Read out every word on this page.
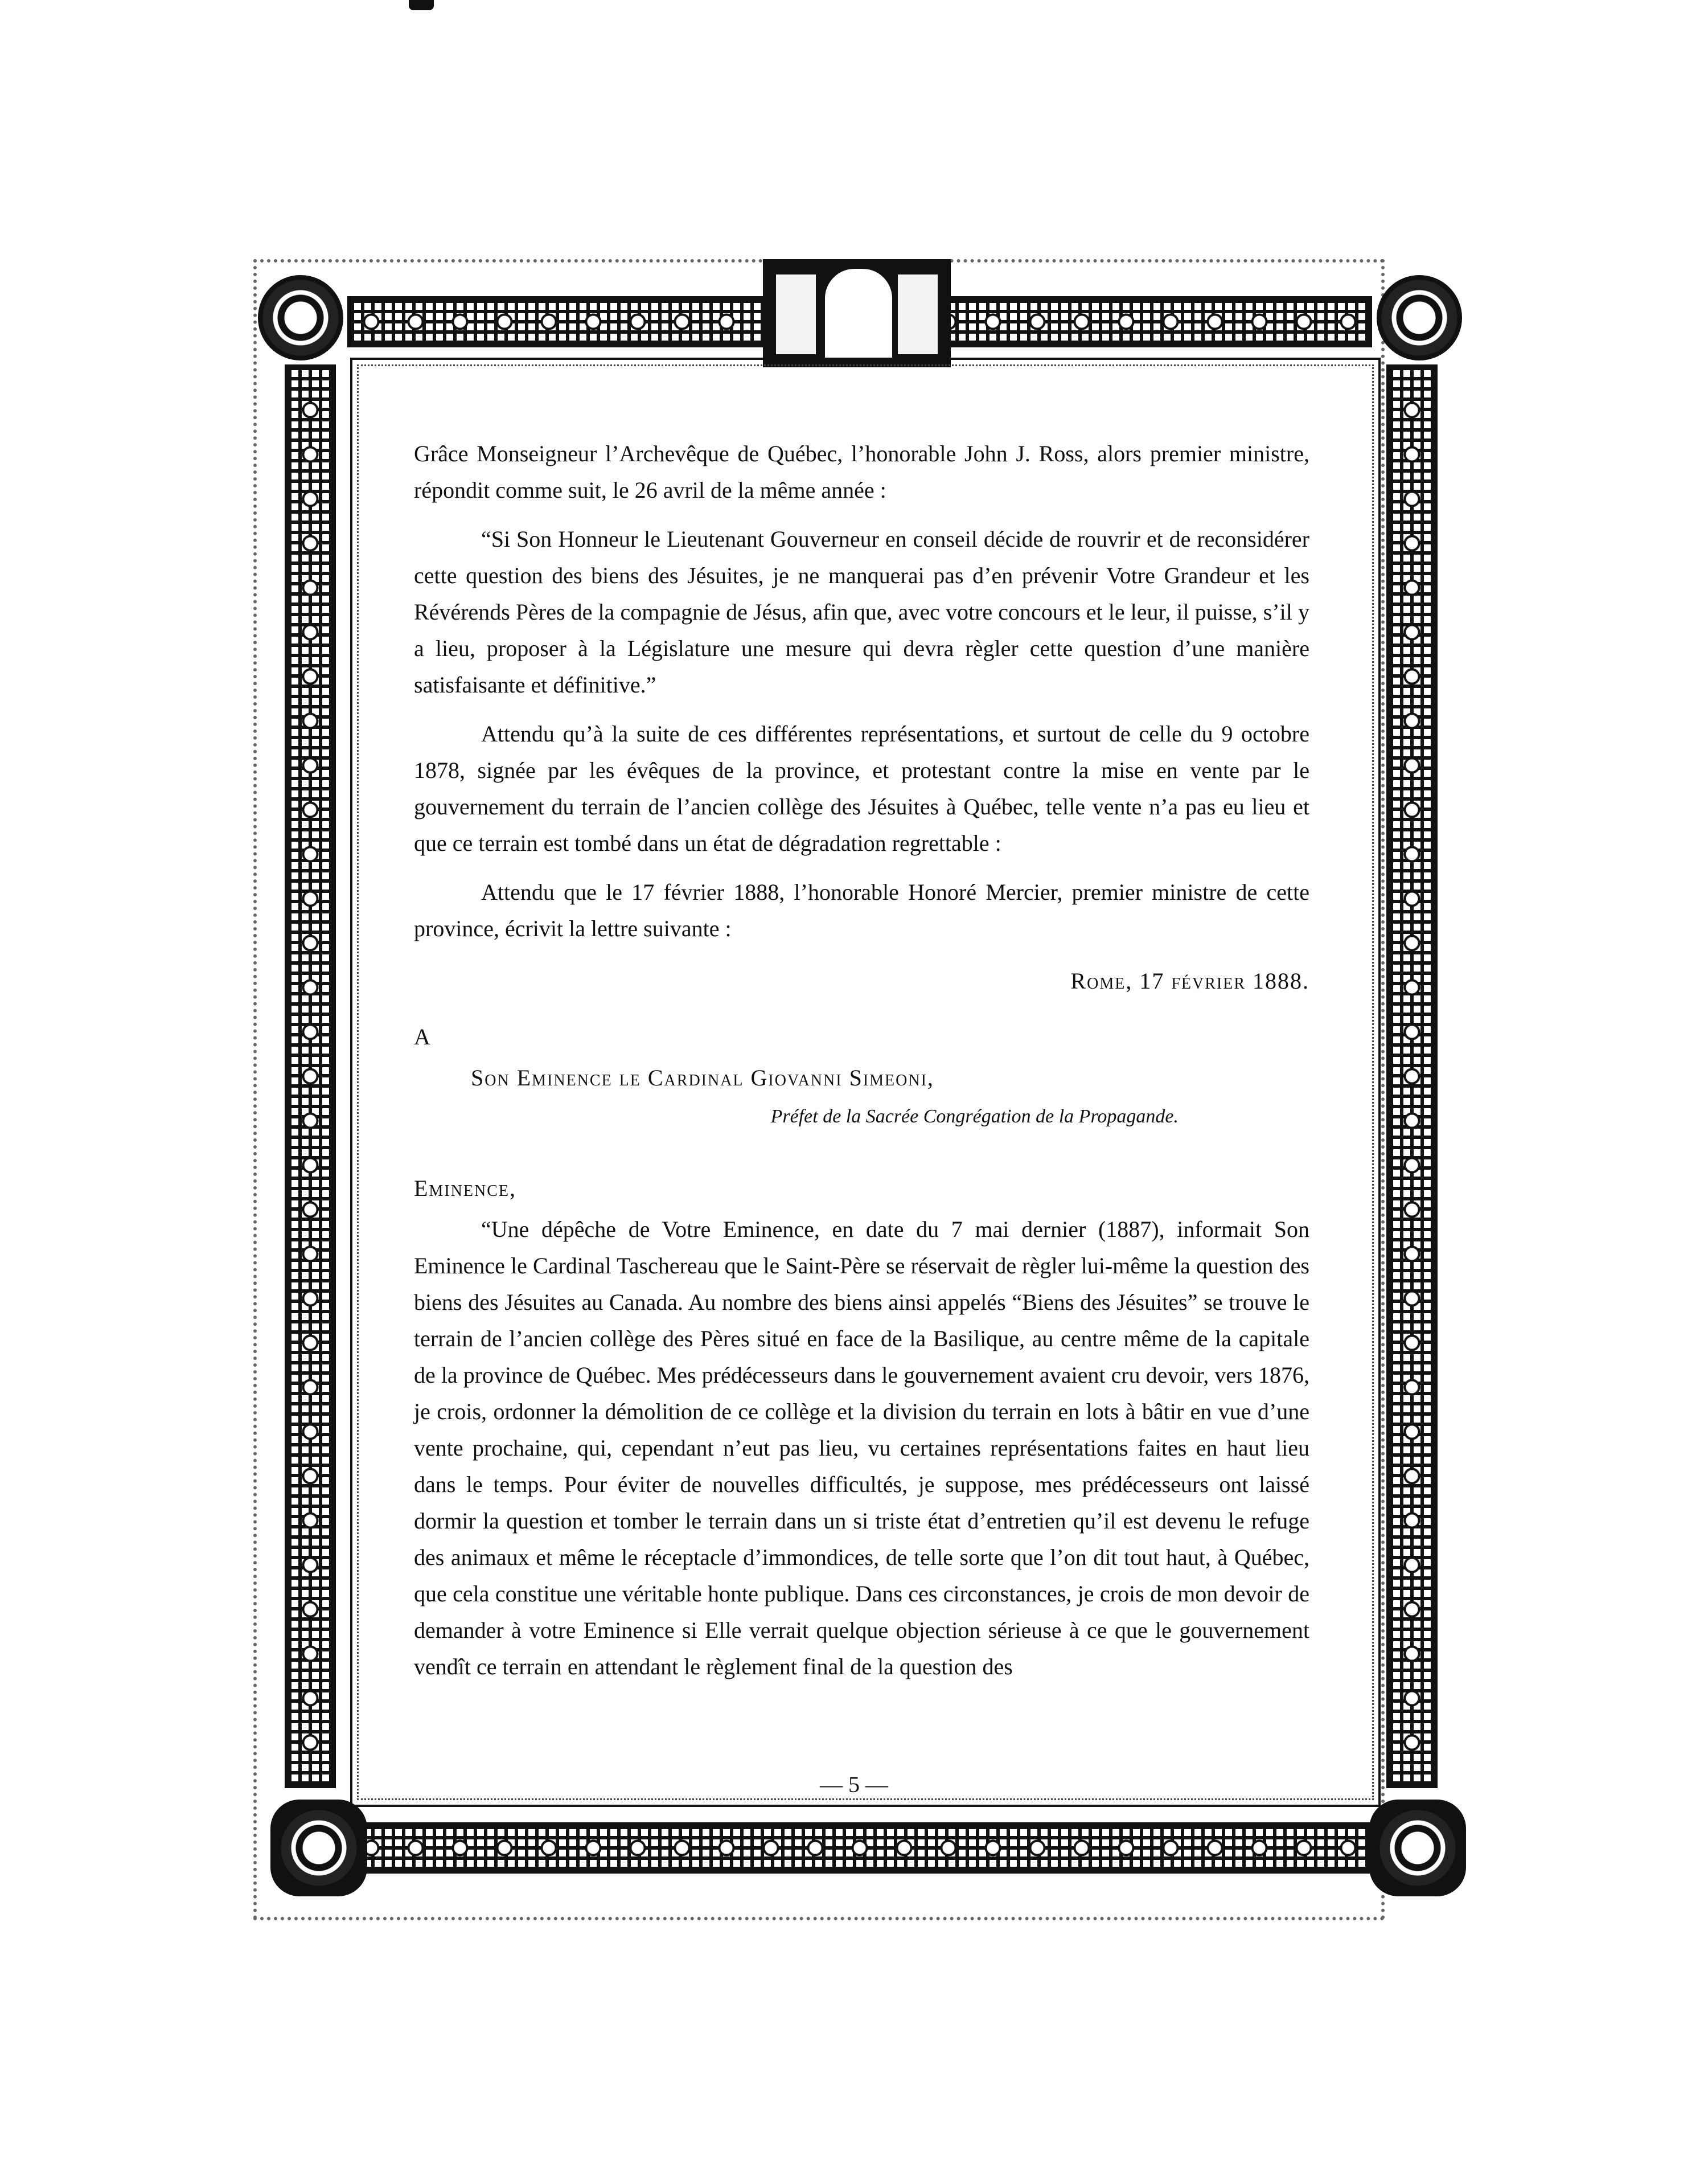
Grâce Monseigneur l’Archevêque de Québec, l’honorable John J. Ross, alors premier ministre, répondit comme suit, le 26 avril de la même année :

“Si Son Honneur le Lieutenant Gouverneur en conseil décide de rouvrir et de reconsidérer cette question des biens des Jésuites, je ne manquerai pas d’en prévenir Votre Grandeur et les Révérends Pères de la compagnie de Jésus, afin que, avec votre concours et le leur, il puisse, s’il y a lieu, proposer à la Législature une mesure qui devra règler cette question d’une manière satisfaisante et définitive.”

Attendu qu’à la suite de ces différentes représentations, et surtout de celle du 9 octobre 1878, signée par les évêques de la province, et protestant contre la mise en vente par le gouvernement du terrain de l’ancien collège des Jésuites à Québec, telle vente n’a pas eu lieu et que ce terrain est tombé dans un état de dégradation regrettable :

Attendu que le 17 février 1888, l’honorable Honoré Mercier, premier ministre de cette province, écrivit la lettre suivante :

Rome, 17 février 1888.

A

Son Eminence le Cardinal Giovanni Simeoni,

Préfet de la Sacrée Congrégation de la Propagande.

Eminence,

“Une dépêche de Votre Eminence, en date du 7 mai dernier (1887), informait Son Eminence le Cardinal Taschereau que le Saint-Père se réservait de règler lui-même la question des biens des Jésuites au Canada. Au nombre des biens ainsi appelés “Biens des Jésuites” se trouve le terrain de l’ancien collège des Pères situé en face de la Basilique, au centre même de la capitale de la province de Québec. Mes prédécesseurs dans le gouvernement avaient cru devoir, vers 1876, je crois, ordonner la démolition de ce collège et la division du terrain en lots à bâtir en vue d’une vente prochaine, qui, cependant n’eut pas lieu, vu certaines représentations faites en haut lieu dans le temps. Pour éviter de nouvelles difficultés, je suppose, mes prédécesseurs ont laissé dormir la question et tomber le terrain dans un si triste état d’entretien qu’il est devenu le refuge des animaux et même le réceptacle d’immondices, de telle sorte que l’on dit tout haut, à Québec, que cela constitue une véritable honte publique. Dans ces circonstances, je crois de mon devoir de demander à votre Eminence si Elle verrait quelque objection sérieuse à ce que le gouvernement vendît ce terrain en attendant le règlement final de la question des

— 5 —
